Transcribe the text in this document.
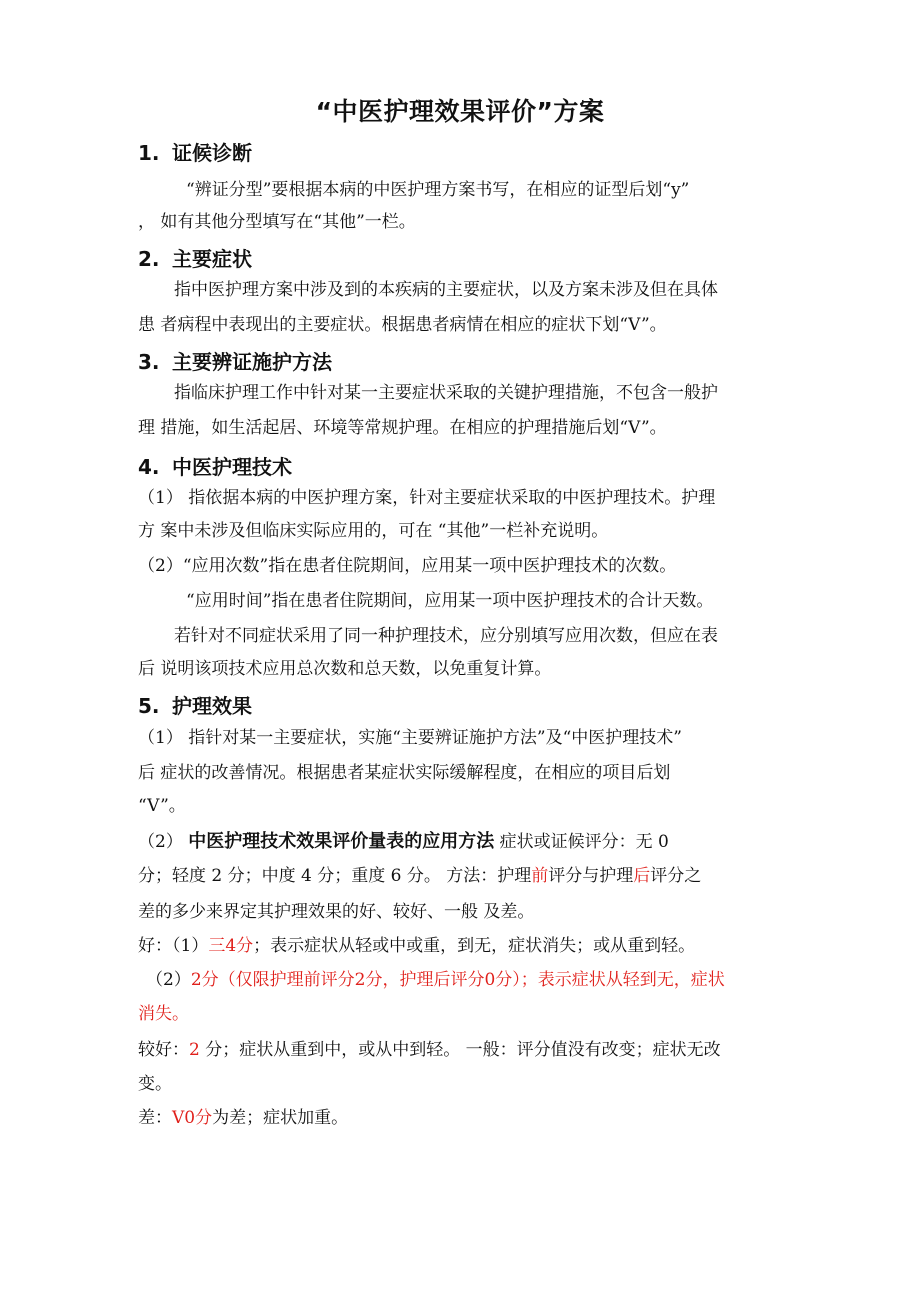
“中医护理效果评价”方案
1. 证候诊断
“辨证分型”要根据本病的中医护理方案书写，在相应的证型后划“y”
， 如有其他分型填写在“其他”一栏。
2. 主要症状
指中医护理方案中涉及到的本疾病的主要症状，以及方案未涉及但在具体
患 者病程中表现出的主要症状。根据患者病情在相应的症状下划“V”。
3. 主要辨证施护方法
指临床护理工作中针对某一主要症状采取的关键护理措施，不包含一般护
理 措施，如生活起居、环境等常规护理。在相应的护理措施后划“V”。
4. 中医护理技术
（1） 指依据本病的中医护理方案，针对主要症状采取的中医护理技术。护理
方 案中未涉及但临床实际应用的，可在 “其他”一栏补充说明。
（2）“应用次数”指在患者住院期间，应用某一项中医护理技术的次数。
“应用时间”指在患者住院期间，应用某一项中医护理技术的合计天数。
若针对不同症状采用了同一种护理技术，应分别填写应用次数，但应在表
后 说明该项技术应用总次数和总天数，以免重复计算。
5. 护理效果
（1） 指针对某一主要症状，实施“主要辨证施护方法”及“中医护理技术”
后 症状的改善情况。根据患者某症状实际缓解程度，在相应的项目后划
“V”。
（2） 中医护理技术效果评价量表的应用方法 症状或证候评分：无 0
分；轻度 2 分；中度 4 分；重度 6 分。 方法：护理前评分与护理后评分之
差的多少来界定其护理效果的好、较好、一般 及差。
好：（1）三4分；表示症状从轻或中或重，到无，症状消失；或从重到轻。
（2）2分（仅限护理前评分2分，护理后评分0分）；表示症状从轻到无，症状
消失。
较好：2 分；症状从重到中，或从中到轻。 一般：评分值没有改变；症状无改
变。
差：V0分为差；症状加重。
